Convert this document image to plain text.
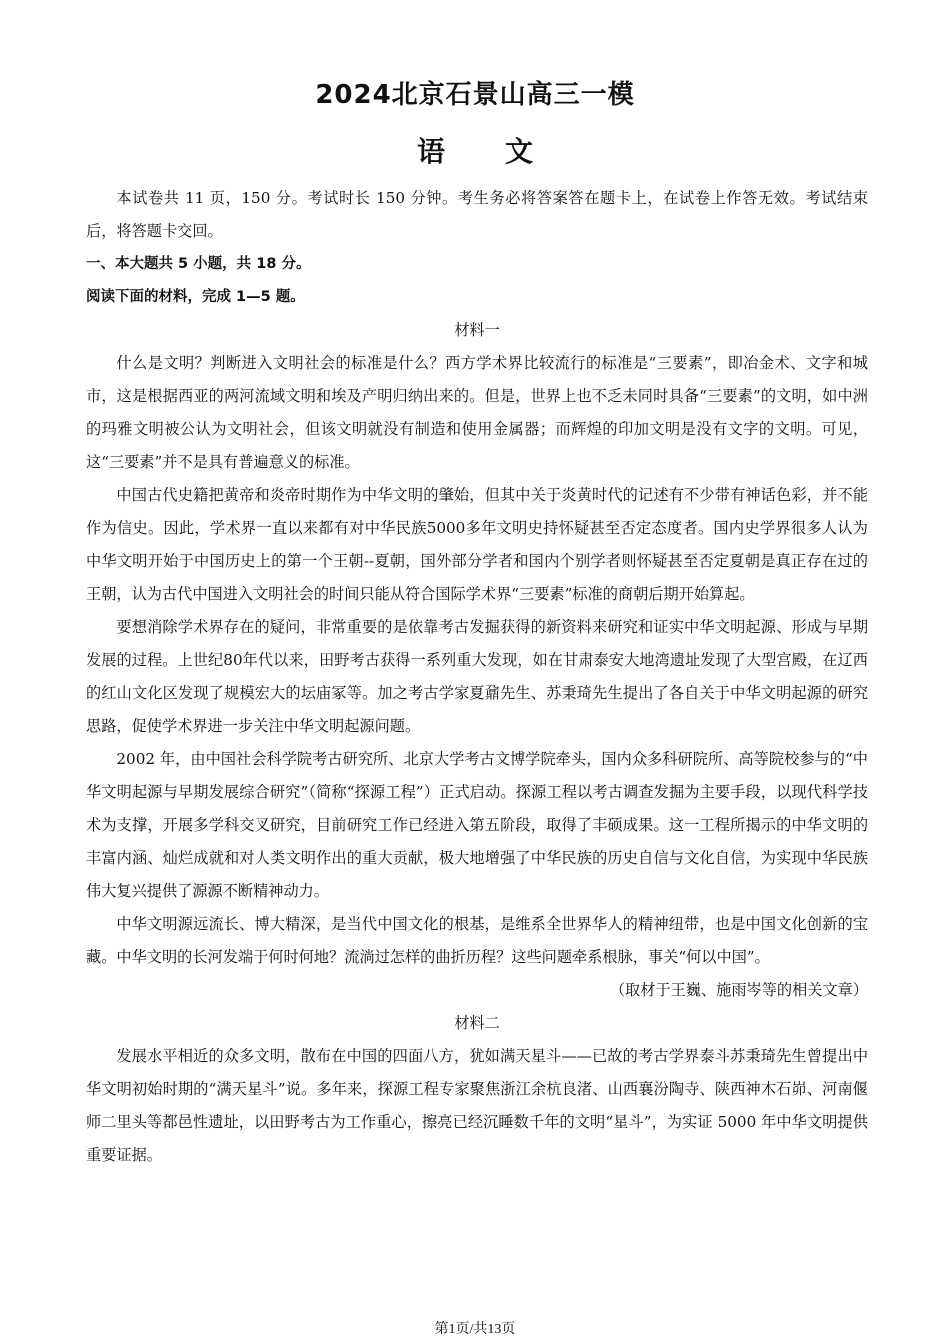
2024北京石景山高三一模
语文

本试卷共 11 页，150 分。考试时长 150 分钟。考生务必将答案答在题卡上，在试卷上作答无效。考试结束后，将答题卡交回。

一、本大题共 5 小题，共 18 分。

阅读下面的材料，完成 1—5 题。

材料一

什么是文明？判断进入文明社会的标准是什么？西方学术界比较流行的标准是“三要素”，即冶金术、文字和城市，这是根据西亚的两河流域文明和埃及产明归纳出来的。但是，世界上也不乏未同时具备“三要素”的文明，如中洲的玛雅文明被公认为文明社会，但该文明就没有制造和使用金属器；而辉煌的印加文明是没有文字的文明。可见，这“三要素”并不是具有普遍意义的标准。

中国古代史籍把黄帝和炎帝时期作为中华文明的肇始，但其中关于炎黄时代的记述有不少带有神话色彩，并不能作为信史。因此，学术界一直以来都有对中华民族5000多年文明史持怀疑甚至否定态度者。国内史学界很多人认为中华文明开始于中国历史上的第一个王朝--夏朝，国外部分学者和国内个别学者则怀疑甚至否定夏朝是真正存在过的王朝，认为古代中国进入文明社会的时间只能从符合国际学术界“三要素”标准的商朝后期开始算起。

要想消除学术界存在的疑问，非常重要的是依靠考古发掘获得的新资料来研究和证实中华文明起源、形成与早期发展的过程。上世纪80年代以来，田野考古获得一系列重大发现，如在甘肃泰安大地湾遗址发现了大型宫殿，在辽西的红山文化区发现了规模宏大的坛庙冢等。加之考古学家夏鼐先生、苏秉琦先生提出了各自关于中华文明起源的研究思路，促使学术界进一步关注中华文明起源问题。

2002 年，由中国社会科学院考古研究所、北京大学考古文博学院牵头，国内众多科研院所、高等院校参与的“中华文明起源与早期发展综合研究”（简称“探源工程”）正式启动。探源工程以考古调查发掘为主要手段，以现代科学技术为支撑，开展多学科交叉研究，目前研究工作已经进入第五阶段，取得了丰硕成果。这一工程所揭示的中华文明的丰富内涵、灿烂成就和对人类文明作出的重大贡献，极大地增强了中华民族的历史自信与文化自信，为实现中华民族伟大复兴提供了源源不断精神动力。

中华文明源远流长、博大精深，是当代中国文化的根基，是维系全世界华人的精神纽带，也是中国文化创新的宝藏。中华文明的长河发端于何时何地？流淌过怎样的曲折历程？这些问题牵系根脉，事关“何以中国”。

（取材于王巍、施雨岑等的相关文章）

材料二

发展水平相近的众多文明，散布在中国的四面八方，犹如满天星斗——已故的考古学界泰斗苏秉琦先生曾提出中华文明初始时期的“满天星斗”说。多年来，探源工程专家聚焦浙江余杭良渚、山西襄汾陶寺、陕西神木石峁、河南偃师二里头等都邑性遗址，以田野考古为工作重心，擦亮已经沉睡数千年的文明“星斗”，为实证 5000 年中华文明提供重要证据。

第1页/共13页
